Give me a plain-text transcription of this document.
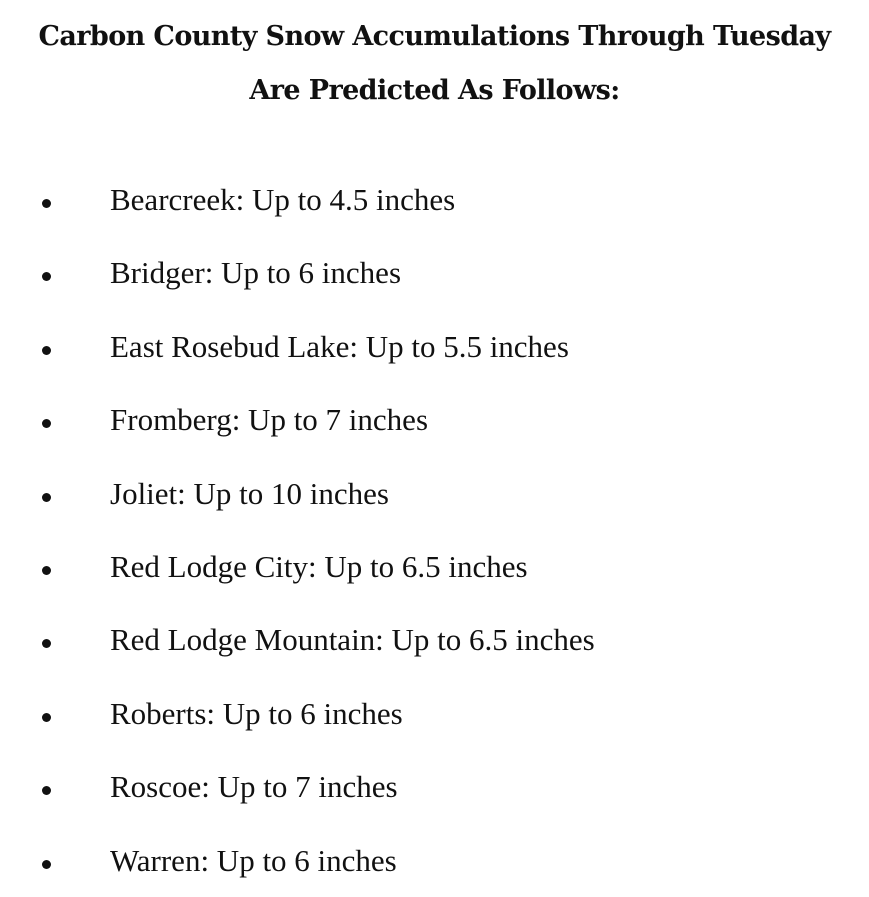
Carbon County Snow Accumulations Through Tuesday
Are Predicted As Follows:
Bearcreek: Up to 4.5 inches
Bridger: Up to 6 inches
East Rosebud Lake: Up to 5.5 inches
Fromberg: Up to 7 inches
Joliet: Up to 10 inches
Red Lodge City: Up to 6.5 inches
Red Lodge Mountain: Up to 6.5 inches
Roberts: Up to 6 inches
Roscoe: Up to 7 inches
Warren: Up to 6 inches
